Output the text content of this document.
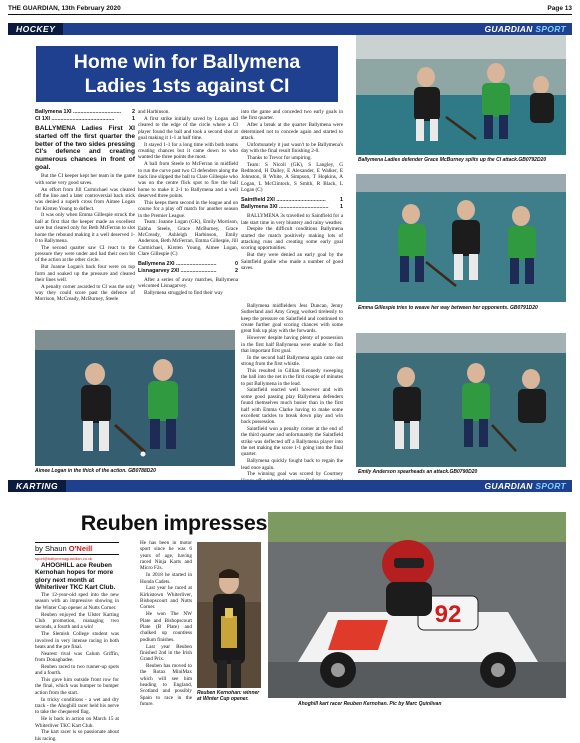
THE GUARDIAN, 13th February 2020	Page 13
HOCKEY	GUARDIAN SPORT
Home win for Ballymena
Ladies 1sts against CI
Ballymena 1XI ................................ 2
CI 1XI ..........................................	1

BALLYMENA Ladies First XI started off the first quarter the better of the two sides pressing CI's defence and creating numerous chances in front of goal.

But the CI keeper kept her team in the game with some very good saves.

An effort from Jill Carmichael was cleared off the line and a later controversial back stick was denied a superb cross from Aimee Logan for Kirsten Young to deflect.

It was only when Emma Gillespie struck the ball at first that the keeper made an excellent save but cleared only for Beth McFerran to slot home the rebound making it a well deserved 1-0 to Ballymena.

The second quarter saw CI react to the pressure they were under and had their own bit of the action at the other circle.

But Joanne Logan's back four were on top form and soaked up the pressure and cleared their lines well.

A penalty corner awarded to CI was the only way they could score past the defence of Morrison, McCready, McBurney, Steele

and Harbinson.

A first strike initially saved by Logan and cleared to the edge of the circle where a CI player found the ball and took a second shot at goal making it 1-1 at half time.

It stayed 1-1 for a long time with both teams creating chances but it came down to who wanted the three points the most.

A ball from Steele to McFerran in midfield to run the curve past two CI defenders along the back line slipped the ball to Clare Gillespie who was on the centre flick spot to fire the ball home to make it 2-1 to Ballymena and a well deserved three points.

This keeps them second in the league and on course for a play off match for another season in the Premier League.

Team: Joanne Logan (GK), Emily Morrison, Eabha Steele, Grace McBurney, Grace McCready, Ashleigh Harbinson, Emily Anderson, Beth McFerran, Emma Gillespie, Jill Carmichael, Kirsten Young, Aimee Logan, Clare Gillespie (C)

Ballymena 2XI ...........................	0
Lisnagarvey 2XI ........................	2

After a series of away matches, Ballymena welcomed Lisnagarvey.

Ballymena struggled to find their way

into the game and conceded two early goals in the first quarter.

After a break at the quarter Ballymena were determined not to concede again and started to attack.

Unfortunately it just wasn't to be Ballymena's day with the final result finishing 2-0.

Thanks to Trevor for umpiring.

Team: S Nicoll (GK), S Langley, G Redmond, H Dailey, E Alexander, E Walker, E Johnston, R White, A Simpson, T Hopkins, A Logan, L McClintock, S Smith, R Black, L Logan (C)

Saintfield 2XI .................................	1
Ballymena 3XI ................................. 1

BALLYMENA 3s travelled to Saintfield for a late start time in very blustery and rainy weather.

Despite the difficult conditions Ballymena started the match positively making lots of attacking runs and creating some early goal scoring opportunities.

But they were denied an early goal by the Saintfield goalie who made a number of good saves.

Ballymena midfielders Jess Duncan, Jenny Sutherland and Amy Gregg worked tirelessly to keep the pressure on Saintfield and continued to create further goal scoring chances with some great link up play with the forwards.

However despite having plenty of possession in the first half Ballymena were unable to find that important first goal.

In the second half Ballymena again came out strong from the first whistle.

This resulted in Gillian Kennedy sweeping the ball into the net in the first couple of minutes to put Ballymena in the lead.

Saintfield reacted well however and with some good passing play Ballymena defenders found themselves much busier than in the first half with Emma Clarke having to make some excellent tackles to break down play and win back possession.

Saintfield won a penalty corner at the end of the third quarter and unfortunately the Saintfield strike was deflected off a Ballymena player into the net making the score 1-1 going into the final quarter.

Ballymena quickly fought back to regain the lead once again.

The winning goal was scored by Courtney

Ballymena Ladies defender Grace McBurney splits up the CI attack.GB0792D20
Emma Gillespie tries to weave her way between her opponents. GB0791D20
Aimee Logan in the thick of the action. GB0788D20	Emily Anderson spearheads an attack.GB0790D20
KARTING	GUARDIAN SPORT
Reuben impresses
by Shaun O'Neill
sport@ballymenaguardian.co.uk

AHOGHILL ace Reuben Kernohan hopes for more glory next month at Whiterliver TKC Kart Club.

The 12-year-old sped into the new season with an impressive showing in the Winter Cup opener at Nutts Corner.

Reuben enjoyed the Ulster Karting Club promotion, managing two seconds, a fourth and a win!

The Slemish College student was involved in very intense racing in both heats and the pre final.

Nearest rival was Calum Griffin, from Donaghadee.

Reuben raced to two runner-up spots and a fourth.

This gave him outside front row for the final, which was bumper to bumper action from the start.

In tricky conditions - a wet and dry track - the Ahoghill racer held his nerve to take the chequered flag.

He is back in action on March 15 at Whiterliver TKC Kart Club.

The kart racer is so passionate about his racing.

He has been in motor sport since he was 6 years of age, having raced Ninja Karts and Micro F2s.

In 2018 he started in Honda Cadets.

Last year he raced at Kirkistown Whiterliver, Bishopscourt and Nutts Corner.

He won The NW Plate and Bishopscourt Plate (B Plate) and chalked up countless podium finishes.

Last year Reuben finished 2nd in the Irish Grand Prix.

Reuben has moved to the Rotax MiniMax which will see him heading to England, Scotland and possibly Spain to race in the future.

Reuben Kernohan: winner at Winter Cup opener.
92
Ahoghill kart racer Reuben Kernohan. Pic by Marc Quinlivan
